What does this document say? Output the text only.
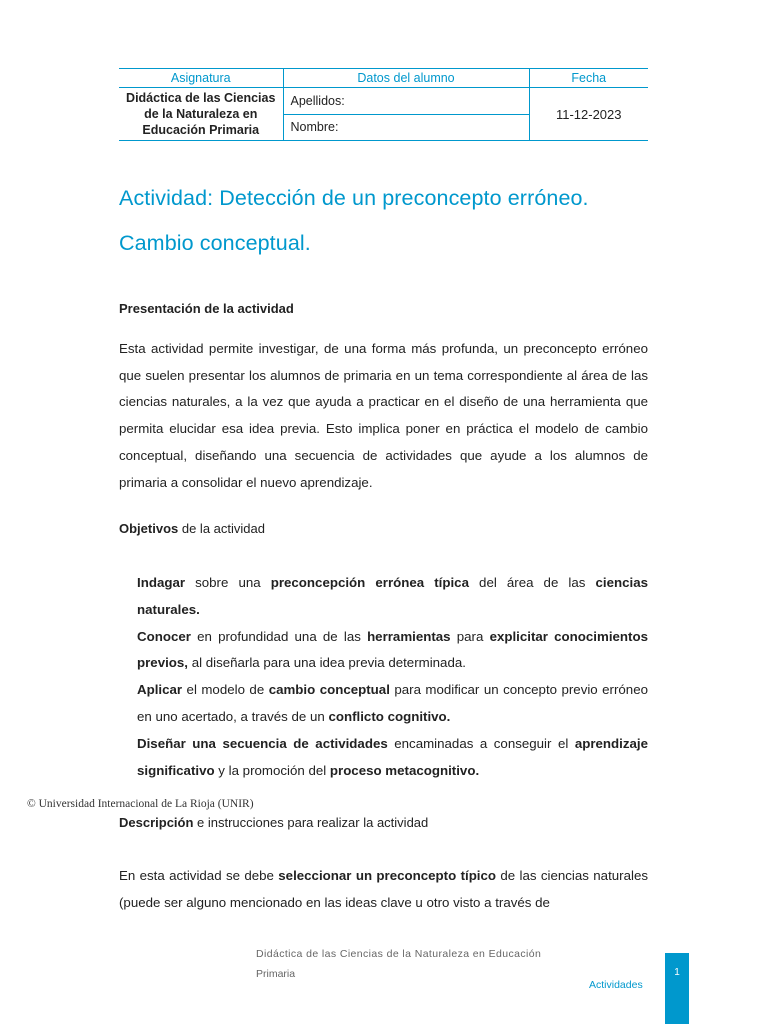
Asignatura	Datos del alumno	Fecha
Didáctica de las Ciencias de la Naturaleza en Educación Primaria	Apellidos:	11-12-2023
	Nombre:	
Actividad: Detección de un preconcepto erróneo.
Cambio conceptual.
Presentación de la actividad

Esta actividad permite investigar, de una forma más profunda, un preconcepto erróneo que suelen presentar los alumnos de primaria en un tema correspondiente al área de las ciencias naturales, a la vez que ayuda a practicar en el diseño de una herramienta que permita elucidar esa idea previa. Esto implica poner en práctica el modelo de cambio conceptual, diseñando una secuencia de actividades que ayude a los alumnos de primaria a consolidar el nuevo aprendizaje.

Objetivos de la actividad
Indagar sobre una preconcepción errónea típica del área de las ciencias naturales.
Conocer en profundidad una de las herramientas para explicitar conocimientos previos, al diseñarla para una idea previa determinada.
Aplicar el modelo de cambio conceptual para modificar un concepto previo erróneo en uno acertado, a través de un conflicto cognitivo.
Diseñar una secuencia de actividades encaminadas a conseguir el aprendizaje significativo y la promoción del proceso metacognitivo.
© Universidad Internacional de La Rioja (UNIR)
Descripción e instrucciones para realizar la actividad

En esta actividad se debe seleccionar un preconcepto típico de las ciencias naturales (puede ser alguno mencionado en las ideas clave u otro visto a través de

Didáctica de las Ciencias de la Naturaleza en Educación
Primaria
Actividades
1
